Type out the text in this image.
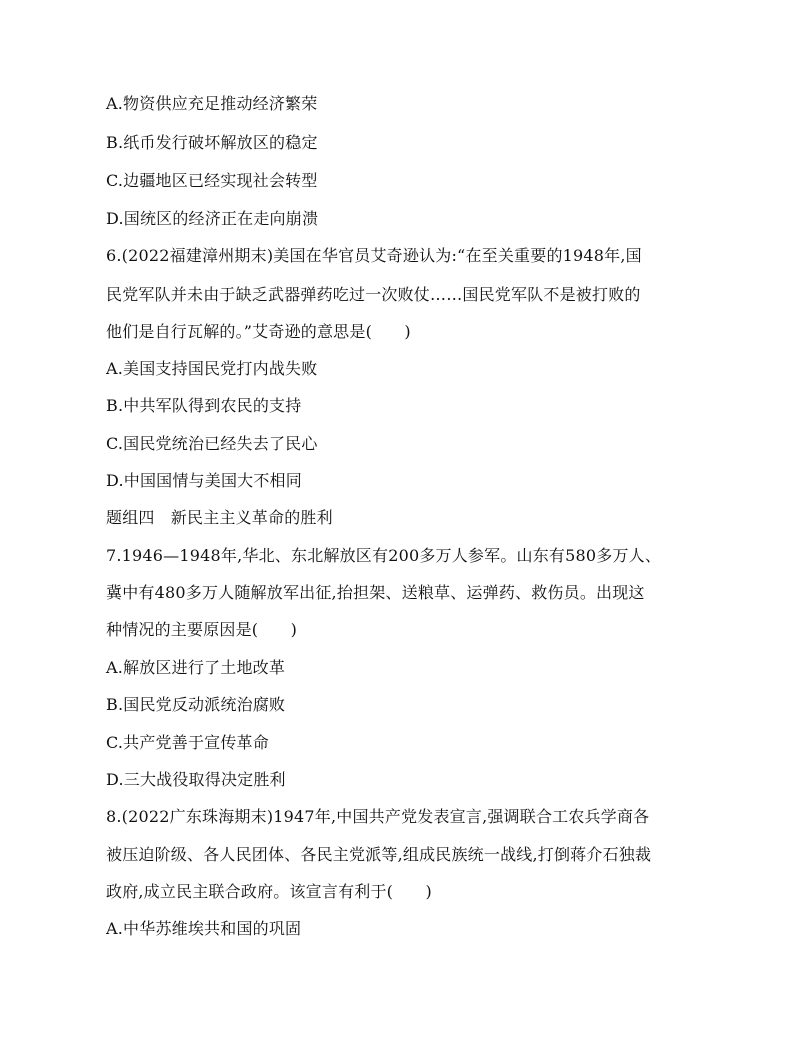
A.物资供应充足推动经济繁荣
B.纸币发行破坏解放区的稳定
C.边疆地区已经实现社会转型
D.国统区的经济正在走向崩溃
6.(2022福建漳州期末)美国在华官员艾奇逊认为:“在至关重要的1948年,国
民党军队并未由于缺乏武器弹药吃过一次败仗……国民党军队不是被打败的
他们是自行瓦解的。”艾奇逊的意思是(　　)
A.美国支持国民党打内战失败
B.中共军队得到农民的支持
C.国民党统治已经失去了民心
D.中国国情与美国大不相同
题组四　新民主主义革命的胜利
7.1946—1948年,华北、东北解放区有200多万人参军。山东有580多万人、
冀中有480多万人随解放军出征,抬担架、送粮草、运弹药、救伤员。出现这
种情况的主要原因是(　　)
A.解放区进行了土地改革
B.国民党反动派统治腐败
C.共产党善于宣传革命
D.三大战役取得决定胜利
8.(2022广东珠海期末)1947年,中国共产党发表宣言,强调联合工农兵学商各
被压迫阶级、各人民团体、各民主党派等,组成民族统一战线,打倒蒋介石独裁
政府,成立民主联合政府。该宣言有利于(　　)
A.中华苏维埃共和国的巩固
